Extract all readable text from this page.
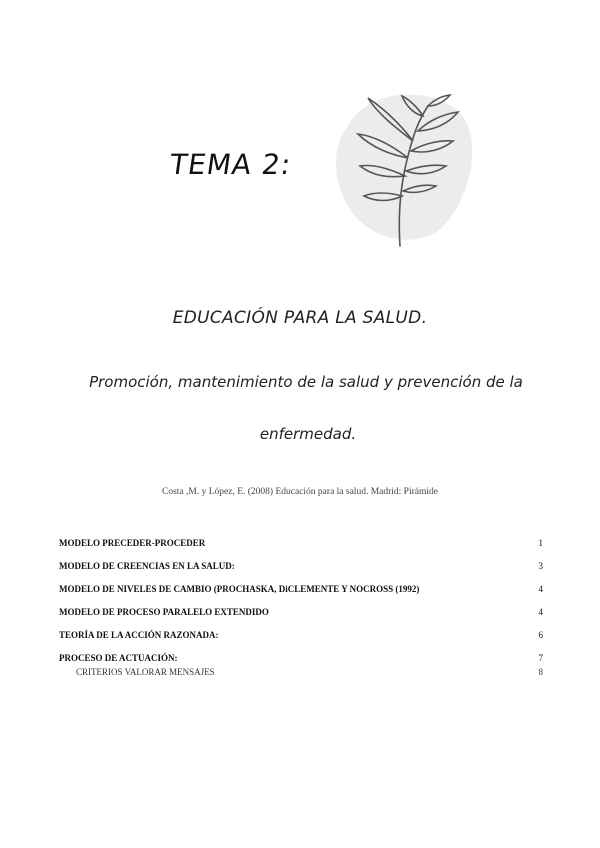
TEMA 2:
EDUCACIÓN PARA LA SALUD.
Promoción, mantenimiento de la salud y prevención de la
enfermedad.
Costa ,M. y López, E. (2008) Educación para la salud. Madrid: Pirámide
MODELO PRECEDER-PROCEDER	1
MODELO DE CREENCIAS EN LA SALUD:	3
MODELO DE NIVELES DE CAMBIO (PROCHASKA, DiCLEMENTE Y NOCROSS (1992)	4
MODELO DE PROCESO PARALELO EXTENDIDO	4
TEORÍA DE LA ACCIÓN RAZONADA:	6
PROCESO DE ACTUACIÓN:	7
CRITERIOS VALORAR MENSAJES	8
